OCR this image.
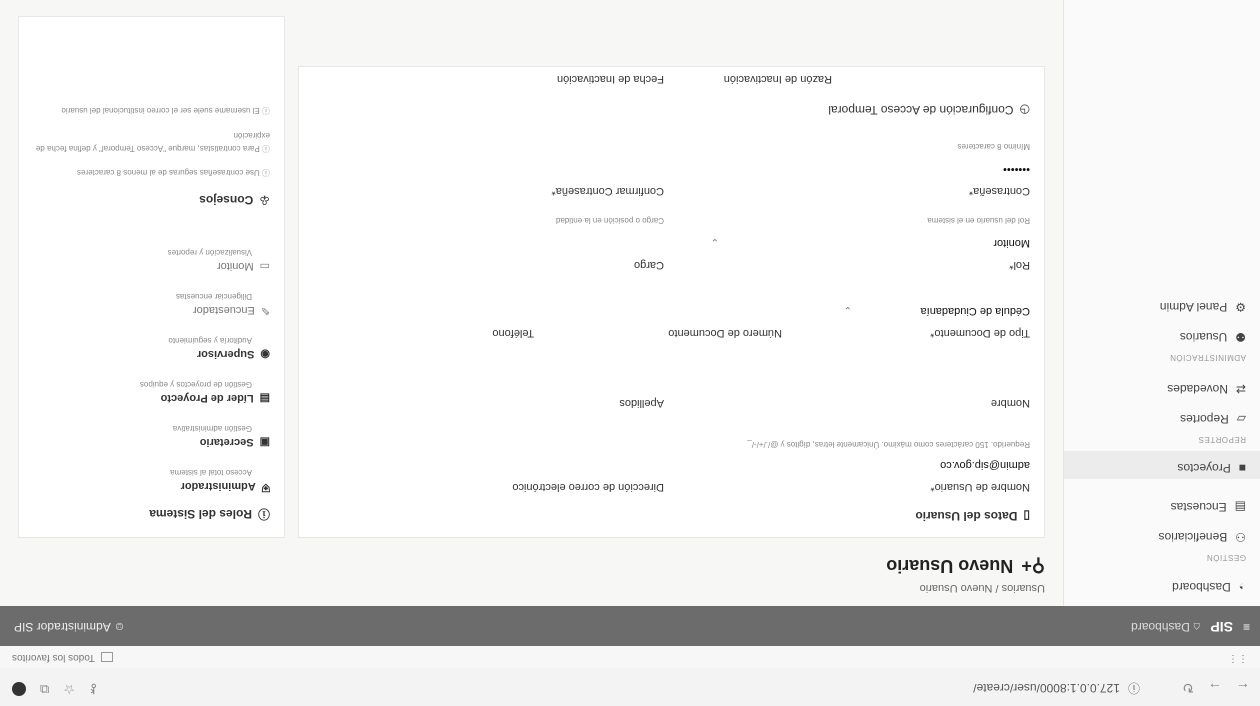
←
→
↻
ⓘ
127.0.0.1:8000/user/create/
⚷
☆
⧉
⋮⋮
Todos los favoritos
≡
SIP
⌂ Dashboard
☺ Administrador SIP
◔
Dashboard
GESTIÓN
⚇
Beneficiarios
▤
Encuestas
■
Proyectos
REPORTES
▱
Reportes
⇄
Novedades
ADMINISTRACIÓN
⚉
Usuarios
⚙
Panel Admin
Usuarios / Nuevo Usuario
⚲+
Nuevo Usuario
▯
Datos del Usuario
Nombre de Usuario*
admin@sip.gov.co
Requerido. 150 carácteres como máximo. Únicamente letras, dígitos y @/./+/-/_
Dirección de correo electrónico
Nombre
Apellidos
Tipo de Documento*
Cédula de Ciudadanía
⌄
Número de Documento
Teléfono
Rol*
Monitor
⌄
Rol del usuario en el sistema
Cargo
Cargo o posición en la entidad
Contraseña*
•••••••
Mínimo 8 caracteres
Confirmar Contraseña*
◷
Configuración de Acceso Temporal
Razón de Inactivación
Fecha de Inactivación
ⓘ
Roles del Sistema
⛨
Administrador
Acceso total al sistema
▣
Secretario
Gestión administrativa
▤
Líder de Proyecto
Gestión de proyectos y equipos
◉
Supervisor
Auditoría y seguimiento
✎
Encuestador
Diligenciar encuestas
▭
Monitor
Visualización y reportes
♧
Consejos
ⓘ Use contraseñas seguras de al menos 8 caracteres
ⓘ Para contratistas, marque "Acceso Temporal" y defina fecha de expiración
ⓘ El username suele ser el correo institucional del usuario
